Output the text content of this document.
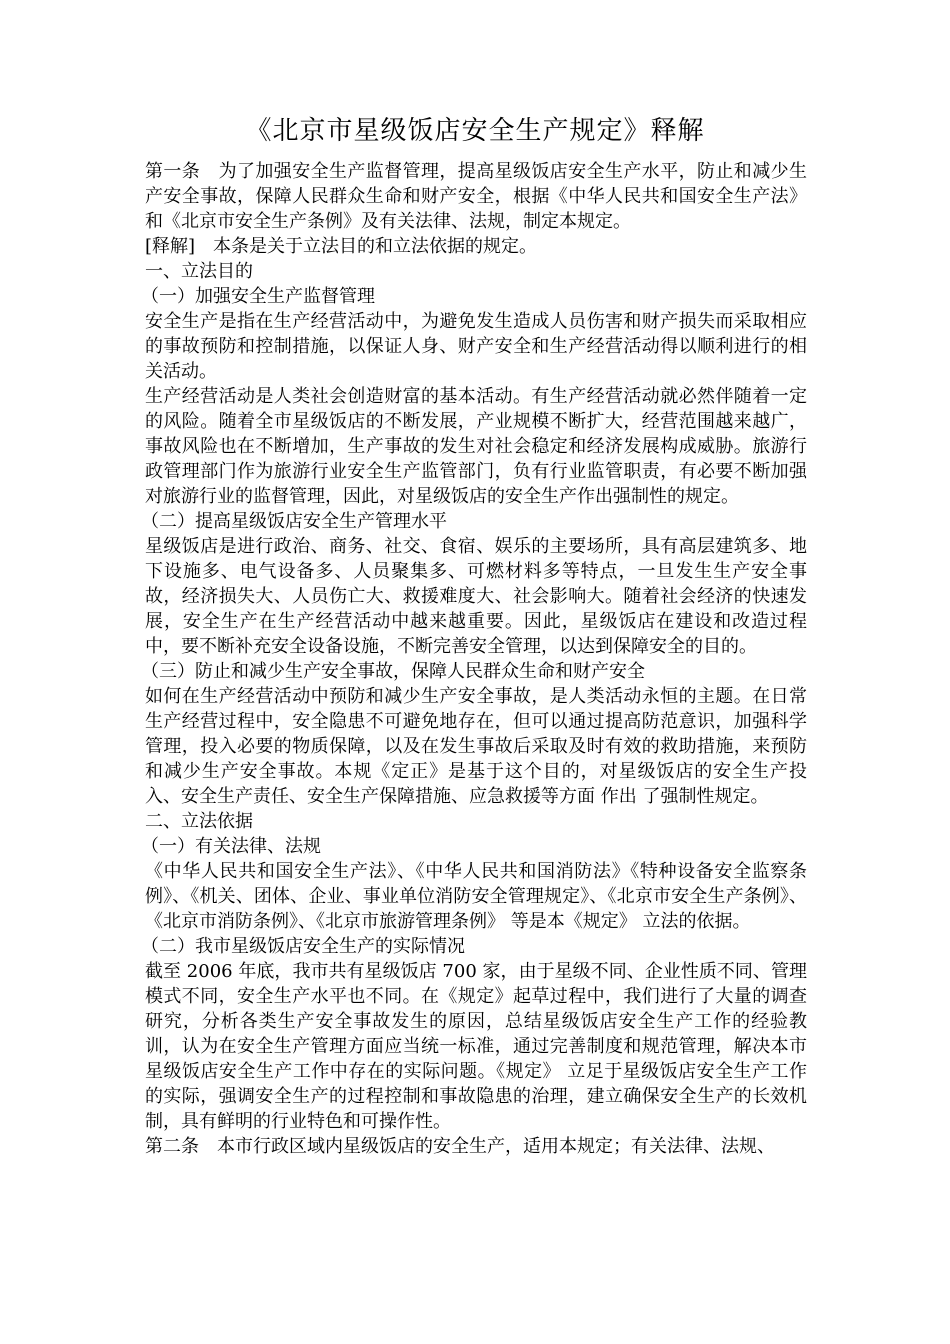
《北京市星级饭店安全生产规定》释解

第一条　为了加强安全生产监督管理，提高星级饭店安全生产水平，防止和减少生产安全事故，保障人民群众生命和财产安全，根据《中华人民共和国安全生产法》和《北京市安全生产条例》及有关法律、法规，制定本规定。

[释解]　本条是关于立法目的和立法依据的规定。

一、立法目的

（一）加强安全生产监督管理

安全生产是指在生产经营活动中，为避免发生造成人员伤害和财产损失而采取相应的事故预防和控制措施，以保证人身、财产安全和生产经营活动得以顺利进行的相关活动。

生产经营活动是人类社会创造财富的基本活动。有生产经营活动就必然伴随着一定的风险。随着全市星级饭店的不断发展，产业规模不断扩大，经营范围越来越广，事故风险也在不断增加，生产事故的发生对社会稳定和经济发展构成威胁。旅游行政管理部门作为旅游行业安全生产监管部门，负有行业监管职责，有必要不断加强对旅游行业的监督管理，因此，对星级饭店的安全生产作出强制性的规定。

（二）提高星级饭店安全生产管理水平

星级饭店是进行政治、商务、社交、食宿、娱乐的主要场所，具有高层建筑多、地下设施多、电气设备多、人员聚集多、可燃材料多等特点，一旦发生生产安全事故，经济损失大、人员伤亡大、救援难度大、社会影响大。随着社会经济的快速发展，安全生产在生产经营活动中越来越重要。因此，星级饭店在建设和改造过程中，要不断补充安全设备设施，不断完善安全管理，以达到保障安全的目的。

（三）防止和减少生产安全事故，保障人民群众生命和财产安全

如何在生产经营活动中预防和减少生产安全事故，是人类活动永恒的主题。在日常生产经营过程中，安全隐患不可避免地存在，但可以通过提高防范意识，加强科学管理，投入必要的物质保障，以及在发生事故后采取及时有效的救助措施，来预防和减少生产安全事故。本规《定正》是基于这个目的，对星级饭店的安全生产投入、安全生产责任、安全生产保障措施、应急救援等方面 作出 了强制性规定。

二、立法依据

（一）有关法律、法规

《中华人民共和国安全生产法》、《中华人民共和国消防法》《特种设备安全监察条例》、《机关、团体、企业、事业单位消防安全管理规定》、《北京市安全生产条例》、《北京市消防条例》、《北京市旅游管理条例》 等是本《规定》 立法的依据。

（二）我市星级饭店安全生产的实际情况

截至 2006 年底，我市共有星级饭店 700 家，由于星级不同、企业性质不同、管理模式不同，安全生产水平也不同。在《规定》起草过程中，我们进行了大量的调查研究，分析各类生产安全事故发生的原因，总结星级饭店安全生产工作的经验教训，认为在安全生产管理方面应当统一标准，通过完善制度和规范管理，解决本市星级饭店安全生产工作中存在的实际问题。《规定》 立足于星级饭店安全生产工作的实际，强调安全生产的过程控制和事故隐患的治理，建立确保安全生产的长效机制，具有鲜明的行业特色和可操作性。

第二条　本市行政区域内星级饭店的安全生产，适用本规定；有关法律、法规、
